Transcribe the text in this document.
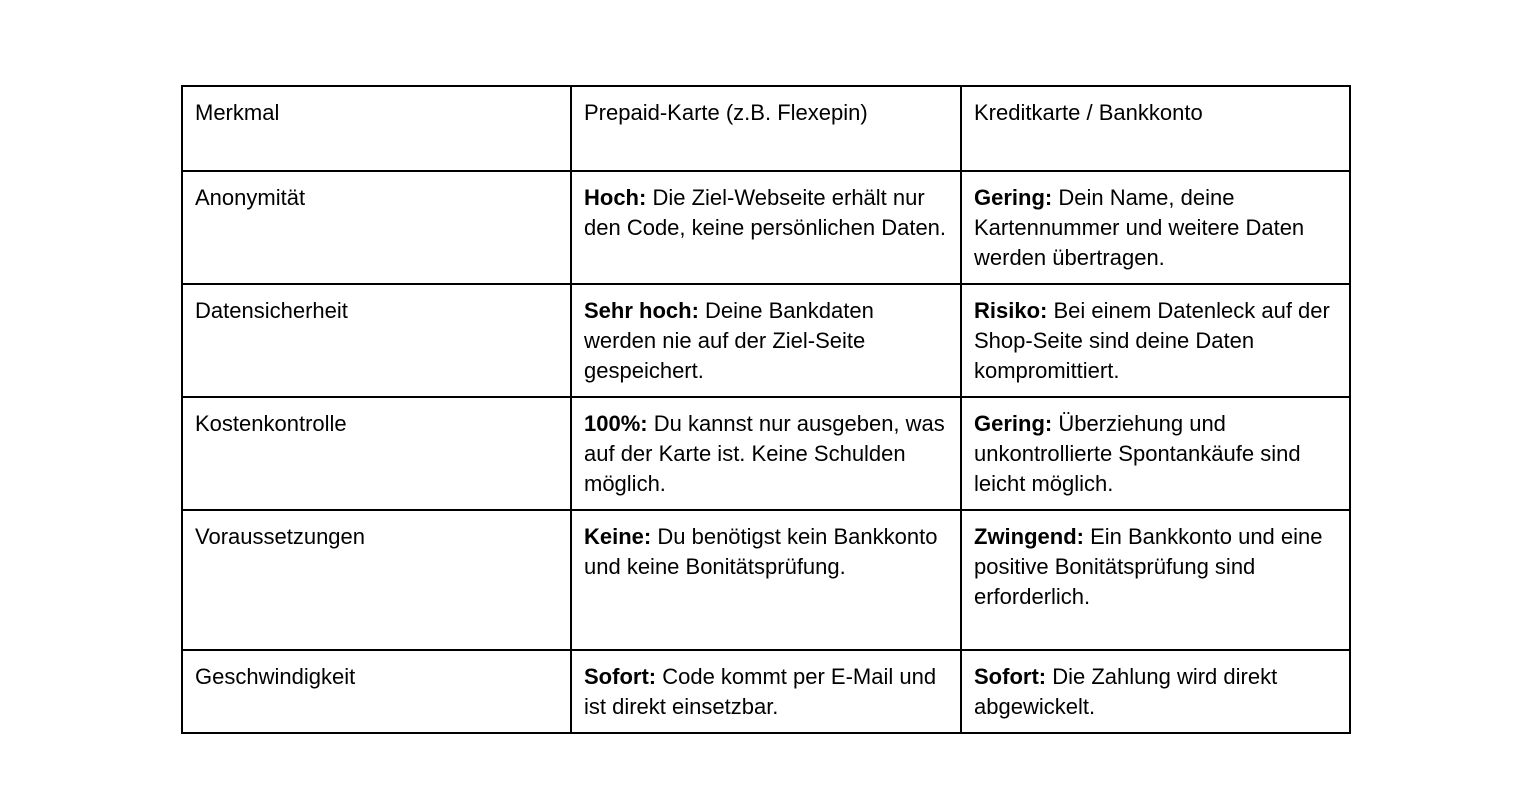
Merkmal	Prepaid-Karte (z.B. Flexepin)	Kreditkarte / Bankkonto
Anonymität	Hoch: Die Ziel-Webseite erhält nur den Code, keine persönlichen Daten.	Gering: Dein Name, deine Kartennummer und weitere Daten werden übertragen.
Datensicherheit	Sehr hoch: Deine Bankdaten werden nie auf der Ziel-Seite gespeichert.	Risiko: Bei einem Datenleck auf der Shop-Seite sind deine Daten kompromittiert.
Kostenkontrolle	100%: Du kannst nur ausgeben, was auf der Karte ist. Keine Schulden möglich.	Gering: Überziehung und unkontrollierte Spontankäufe sind leicht möglich.
Voraussetzungen	Keine: Du benötigst kein Bankkonto und keine Bonitätsprüfung.	Zwingend: Ein Bankkonto und eine positive Bonitätsprüfung sind erforderlich.
Geschwindigkeit	Sofort: Code kommt per E-Mail und ist direkt einsetzbar.	Sofort: Die Zahlung wird direkt abgewickelt.
